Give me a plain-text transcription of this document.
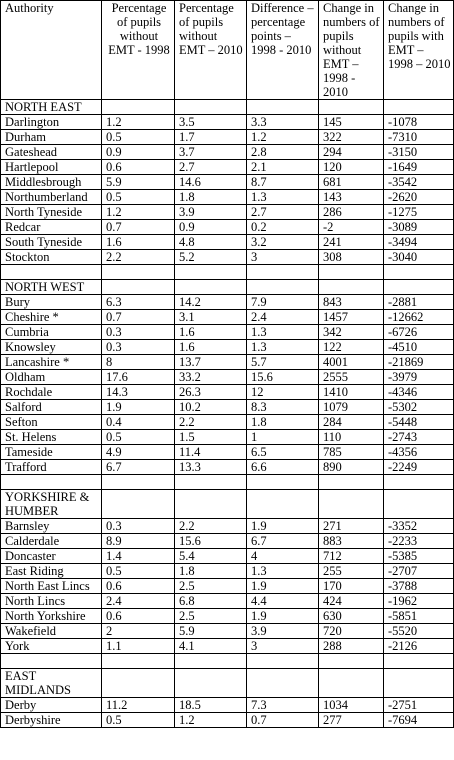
Authority	Percentage of pupils without EMT - 1998	Percentage of pupils without EMT – 2010	Difference – percentage points – 1998 - 2010	Change in numbers of pupils without EMT – 1998 - 2010	Change in numbers of pupils with EMT – 1998 – 2010
NORTH EAST					
Darlington	1.2	3.5	3.3	145	-1078
Durham	0.5	1.7	1.2	322	-7310
Gateshead	0.9	3.7	2.8	294	-3150
Hartlepool	0.6	2.7	2.1	120	-1649
Middlesbrough	5.9	14.6	8.7	681	-3542
Northumberland	0.5	1.8	1.3	143	-2620
North Tyneside	1.2	3.9	2.7	286	-1275
Redcar	0.7	0.9	0.2	-2	-3089
South Tyneside	1.6	4.8	3.2	241	-3494
Stockton	2.2	5.2	3	308	-3040

NORTH WEST					
Bury	6.3	14.2	7.9	843	-2881
Cheshire *	0.7	3.1	2.4	1457	-12662
Cumbria	0.3	1.6	1.3	342	-6726
Knowsley	0.3	1.6	1.3	122	-4510
Lancashire *	8	13.7	5.7	4001	-21869
Oldham	17.6	33.2	15.6	2555	-3979
Rochdale	14.3	26.3	12	1410	-4346
Salford	1.9	10.2	8.3	1079	-5302
Sefton	0.4	2.2	1.8	284	-5448
St. Helens	0.5	1.5	1	110	-2743
Tameside	4.9	11.4	6.5	785	-4356
Trafford	6.7	13.3	6.6	890	-2249

YORKSHIRE & HUMBER					
Barnsley	0.3	2.2	1.9	271	-3352
Calderdale	8.9	15.6	6.7	883	-2233
Doncaster	1.4	5.4	4	712	-5385
East Riding	0.5	1.8	1.3	255	-2707
North East Lincs	0.6	2.5	1.9	170	-3788
North Lincs	2.4	6.8	4.4	424	-1962
North Yorkshire	0.6	2.5	1.9	630	-5851
Wakefield	2	5.9	3.9	720	-5520
York	1.1	4.1	3	288	-2126

EAST MIDLANDS					
Derby	11.2	18.5	7.3	1034	-2751
Derbyshire	0.5	1.2	0.7	277	-7694
